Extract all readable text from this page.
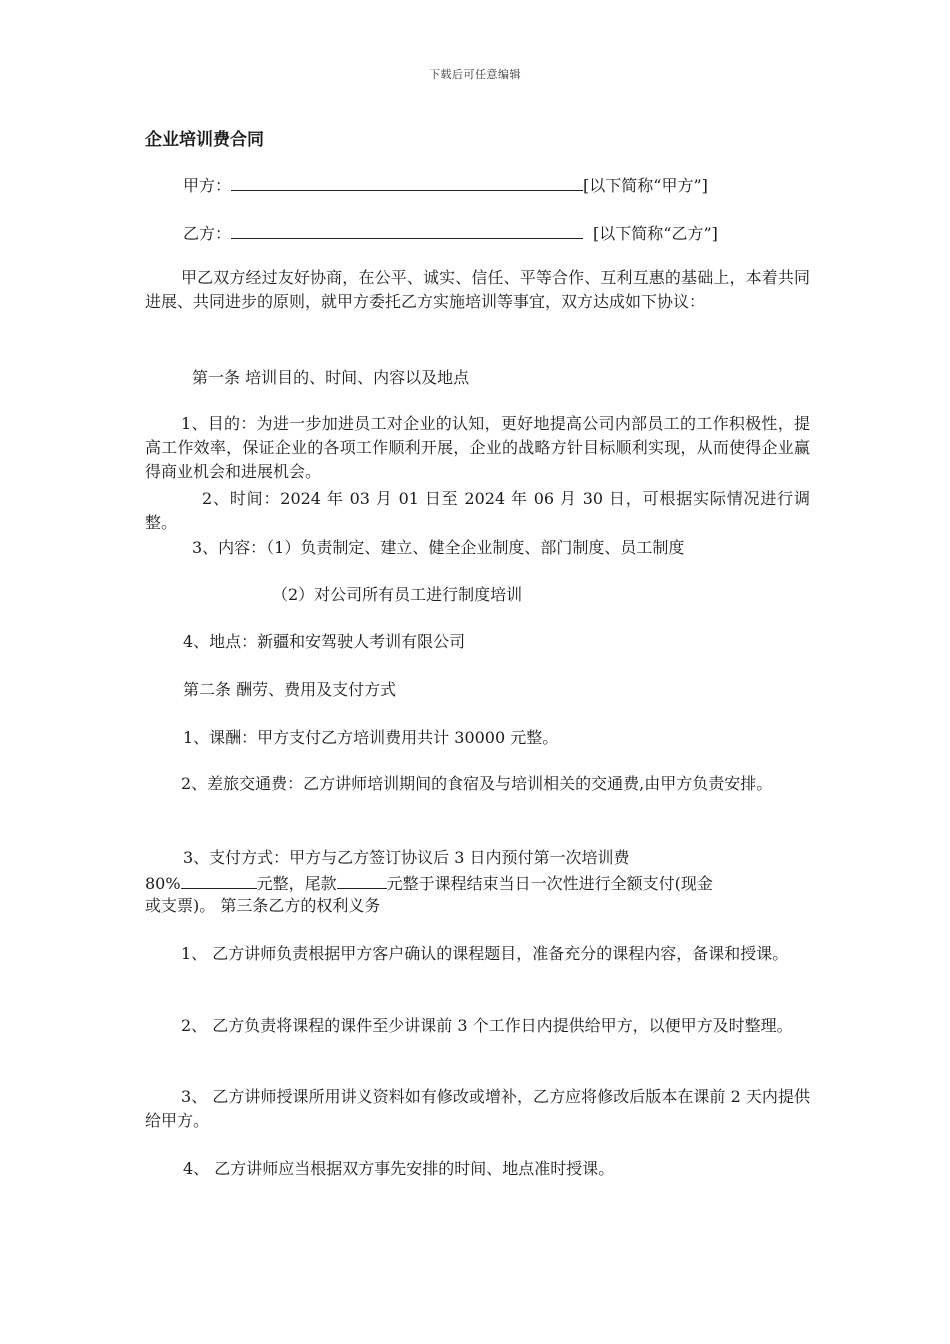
下载后可任意编辑
企业培训费合同
甲方：	[以下简称“甲方”]
乙方：	[以下简称“乙方”]
甲乙双方经过友好协商，在公平、诚实、信任、平等合作、互利互惠的基础上，本着共同进展、共同进步的原则，就甲方委托乙方实施培训等事宜，双方达成如下协议：
第一条 培训目的、时间、内容以及地点
1、目的：为进一步加进员工对企业的认知，更好地提高公司内部员工的工作积极性，提高工作效率，保证企业的各项工作顺利开展，企业的战略方针目标顺利实现，从而使得企业赢得商业机会和进展机会。
2、时间：2024 年 03 月 01 日至 2024 年 06 月 30 日，可根据实际情况进行调整。
3、内容：（1）负责制定、建立、健全企业制度、部门制度、员工制度
（2）对公司所有员工进行制度培训
4、地点：新疆和安驾驶人考训有限公司
第二条 酬劳、费用及支付方式
1、课酬：甲方支付乙方培训费用共计 30000 元整。
2、差旅交通费：乙方讲师培训期间的食宿及与培训相关的交通费,由甲方负责安排。
3、支付方式：甲方与乙方签订协议后 3 日内预付第一次培训费
80%	元整，尾款	元整于课程结束当日一次性进行全额支付(现金
或支票)。 第三条乙方的权利义务
1、 乙方讲师负责根据甲方客户确认的课程题目，准备充分的课程内容，备课和授课。
2、 乙方负责将课程的课件至少讲课前 3 个工作日内提供给甲方，以便甲方及时整理。
3、 乙方讲师授课所用讲义资料如有修改或增补，乙方应将修改后版本在课前 2 天内提供给甲方。
4、 乙方讲师应当根据双方事先安排的时间、地点准时授课。
